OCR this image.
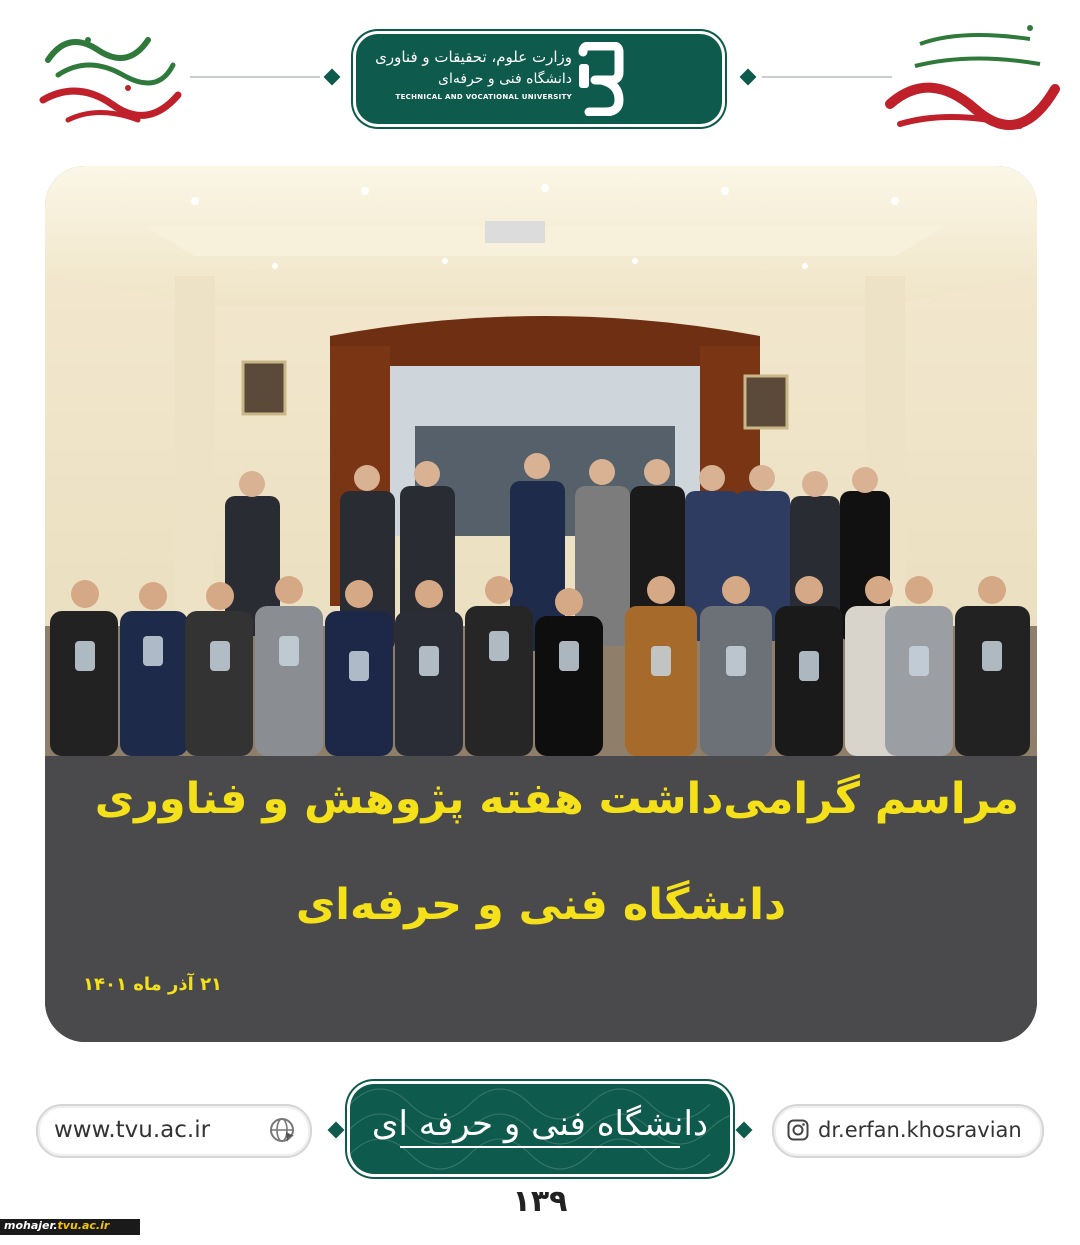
وزارت علوم، تحقیقات و فناوری
دانشگاه فنی و حرفه‌ای
TECHNICAL AND VOCATIONAL UNIVERSITY
مراسم گرامی‌داشت هفته پژوهش و فناوری
دانشگاه فنی و حرفه‌ای
۲۱ آذر ماه ۱۴۰۱
www.tvu.ac.ir	دانشگاه فنی و حرفه ای	dr.erfan.khosravian
۱۳۹
mohajer.tvu.ac.ir
